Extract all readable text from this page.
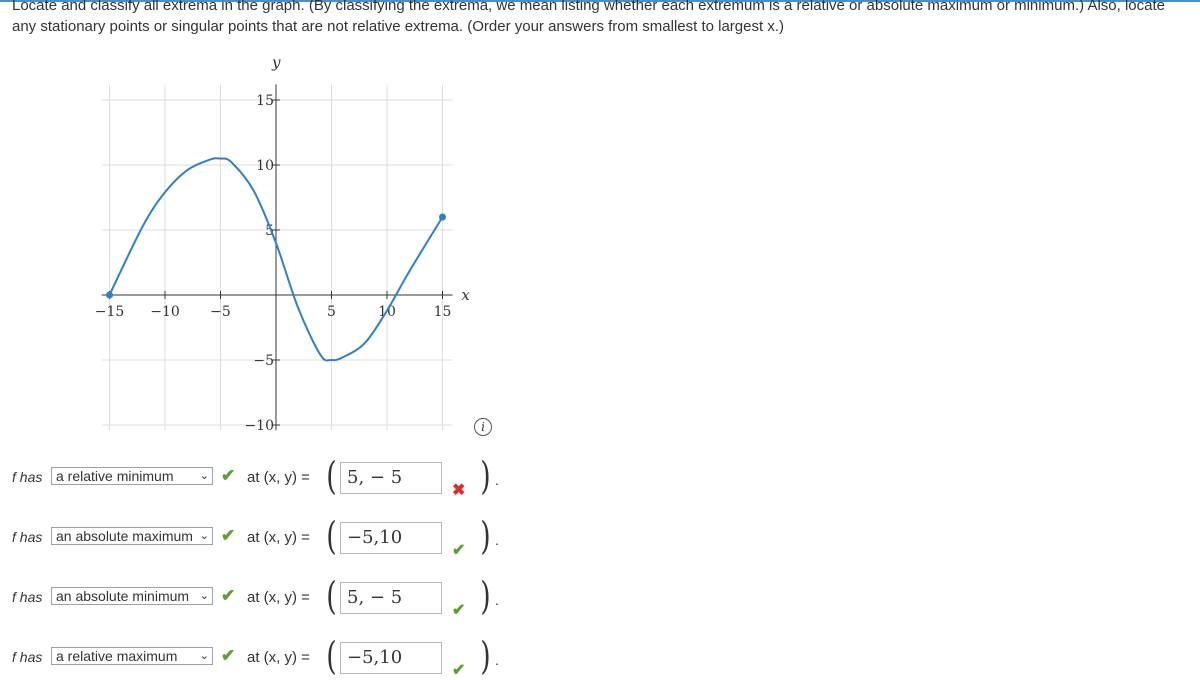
Locate and classify all extrema in the graph. (By classifying the extrema, we mean listing whether each extremum is a relative or absolute maximum or minimum.) Also, locate any stationary points or singular points that are not relative extrema. (Order your answers from smallest to largest x.)

−15 −10 −5	5	10	15
15
10
5
−5
−10
x
y
i
f has a relative minimum ⌄ ✔ at (x, y) = ( 5, − 5
✖ ) .
f has an absolute maximum ⌄ ✔ at (x, y) = ( −5,10
✔ ) .
f has an absolute minimum ⌄ ✔ at (x, y) = ( 5, − 5
✔ ) .
f has a relative maximum ⌄ ✔ at (x, y) = ( −5,10
✔ ) .
